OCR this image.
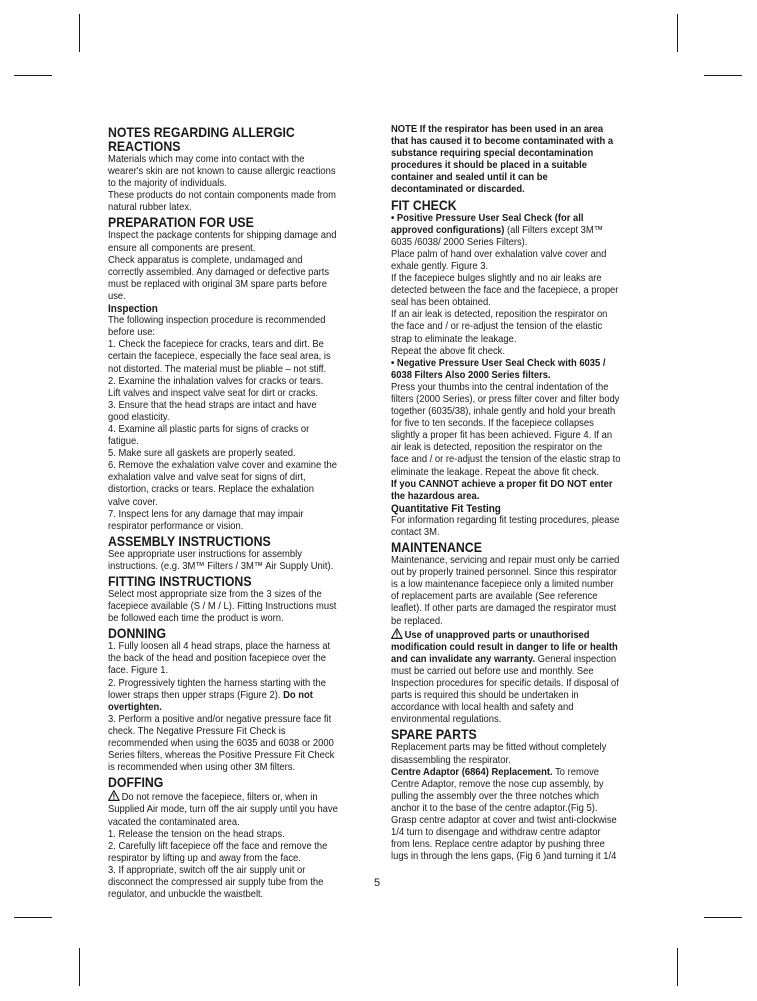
NOTES REGARDING ALLERGIC REACTIONS

Materials which may come into contact with the wearer's skin are not known to cause allergic reactions to the majority of individuals.

These products do not contain components made from natural rubber latex.

PREPARATION FOR USE

Inspect the package contents for shipping damage and ensure all components are present.

Check apparatus is complete, undamaged and correctly assembled. Any damaged or defective parts must be replaced with original 3M spare parts before use.

Inspection

The following inspection procedure is recommended before use:

1. Check the facepiece for cracks, tears and dirt. Be certain the facepiece, especially the face seal area, is not distorted. The material must be pliable – not stiff.

2. Examine the inhalation valves for cracks or tears. Lift valves and inspect valve seat for dirt or cracks.

3. Ensure that the head straps are intact and have good elasticity.

4. Examine all plastic parts for signs of cracks or fatigue.

5. Make sure all gaskets are properly seated.

6. Remove the exhalation valve cover and examine the exhalation valve and valve seat for signs of dirt, distortion, cracks or tears. Replace the exhalation valve cover.

7. Inspect lens for any damage that may impair respirator performance or vision.

ASSEMBLY INSTRUCTIONS

See appropriate user instructions for assembly instructions. (e.g. 3M™ Filters / 3M™ Air Supply Unit).

FITTING INSTRUCTIONS

Select most appropriate size from the 3 sizes of the facepiece available (S / M / L). Fitting Instructions must be followed each time the product is worn.

DONNING

1. Fully loosen all 4 head straps, place the harness at the back of the head and position facepiece over the face. Figure 1.

2. Progressively tighten the harness starting with the lower straps then upper straps (Figure 2). Do not overtighten.

3. Perform a positive and/or negative pressure face fit check. The Negative Pressure Fit Check is recommended when using the 6035 and 6038 or 2000 Series filters, whereas the Positive Pressure Fit Check is recommended when using other 3M filters.

DOFFING

Do not remove the facepiece, filters or, when in Supplied Air mode, turn off the air supply until you have vacated the contaminated area.

1. Release the tension on the head straps.

2. Carefully lift facepiece off the face and remove the respirator by lifting up and away from the face.

3. If appropriate, switch off the air supply unit or disconnect the compressed air supply tube from the regulator, and unbuckle the waistbelt.

NOTE If the respirator has been used in an area that has caused it to become contaminated with a substance requiring special decontamination procedures it should be placed in a suitable container and sealed until it can be decontaminated or discarded.

FIT CHECK

• Positive Pressure User Seal Check (for all approved configurations) (all Filters except 3M™ 6035 /6038/ 2000 Series Filters).

Place palm of hand over exhalation valve cover and exhale gently. Figure 3.

If the facepiece bulges slightly and no air leaks are detected between the face and the facepiece, a proper seal has been obtained.

If an air leak is detected, reposition the respirator on the face and / or re-adjust the tension of the elastic strap to eliminate the leakage.

Repeat the above fit check.

• Negative Pressure User Seal Check with 6035 / 6038 Filters Also 2000 Series filters.

Press your thumbs into the central indentation of the filters (2000 Series), or press filter cover and filter body together (6035/38), inhale gently and hold your breath for five to ten seconds. If the facepiece collapses slightly a proper fit has been achieved. Figure 4. If an air leak is detected, reposition the respirator on the face and / or re-adjust the tension of the elastic strap to eliminate the leakage. Repeat the above fit check.

If you CANNOT achieve a proper fit DO NOT enter the hazardous area.

Quantitative Fit Testing

For information regarding fit testing procedures, please contact 3M.

MAINTENANCE

Maintenance, servicing and repair must only be carried out by properly trained personnel. Since this respirator is a low maintenance facepiece only a limited number of replacement parts are available (See reference leaflet). If other parts are damaged the respirator must be replaced.

Use of unapproved parts or unauthorised modification could result in danger to life or health and can invalidate any warranty. General inspection must be carried out before use and monthly. See Inspection procedures for specific details. If disposal of parts is required this should be undertaken in accordance with local health and safety and environmental regulations.

SPARE PARTS

Replacement parts may be fitted without completely disassembling the respirator.

Centre Adaptor (6864) Replacement. To remove Centre Adaptor, remove the nose cup assembly, by pulling the assembly over the three notches which anchor it to the base of the centre adaptor.(Fig 5). Grasp centre adaptor at cover and twist anti-clockwise 1/4 turn to disengage and withdraw centre adaptor from lens. Replace centre adaptor by pushing three lugs in through the lens gaps, (Fig 6 )and turning it 1/4

5
